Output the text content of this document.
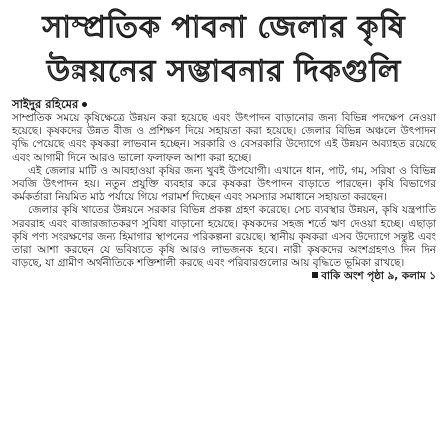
সাম্প্রতিক পাবনা জেলার কৃষি
উন্নয়নের সম্ভাবনার দিকগুলি
সাইদুর রহিমের

সাম্প্রতিক সময়ে কৃষিক্ষেত্রে উন্নয়ন করা হয়েছে এবং উৎপাদন বাড়ানোর জন্য বিভিন্ন পদক্ষেপ নেওয়া হয়েছে। কৃষকদের উন্নত বীজ ও প্রশিক্ষণ দিয়ে সহায়তা করা হয়েছে। জেলার বিভিন্ন অঞ্চলে উৎপাদন বৃদ্ধি পেয়েছে এবং কৃষকরা লাভবান হচ্ছেন। সরকারি ও বেসরকারি উদ্যোগে এই উন্নয়ন অব্যাহত রয়েছে এবং আগামী দিনে আরও ভালো ফলাফল আশা করা হচ্ছে।

এই জেলার মাটি ও আবহাওয়া কৃষির জন্য খুবই উপযোগী। এখানে ধান, পাট, গম, সরিষা ও বিভিন্ন সবজি উৎপাদন হয়। নতুন প্রযুক্তি ব্যবহার করে কৃষকরা উৎপাদন বাড়াতে পারছেন। কৃষি বিভাগের কর্মকর্তারা নিয়মিত মাঠ পর্যায়ে গিয়ে পরামর্শ দিচ্ছেন এবং সমস্যার সমাধানে সহায়তা করছেন।

জেলার কৃষি খাতের উন্নয়নে সরকার বিভিন্ন প্রকল্প গ্রহণ করেছে। সেচ ব্যবস্থার উন্নয়ন, কৃষি যন্ত্রপাতি সরবরাহ এবং বাজারজাতকরণ সুবিধা বাড়ানো হয়েছে। কৃষকদের সহজ শর্তে ঋণ দেওয়া হচ্ছে। এছাড়া কৃষি পণ্য সংরক্ষণের জন্য হিমাগার স্থাপনের পরিকল্পনা রয়েছে। স্থানীয় কৃষকরা এসব উদ্যোগে সন্তুষ্ট এবং তারা আশা করছেন যে ভবিষ্যতে কৃষি আরও লাভজনক হবে। নারী কৃষকদের অংশগ্রহণও দিন দিন বাড়ছে, যা গ্রামীণ অর্থনীতিকে শক্তিশালী করছে এবং পরিবারগুলোর আয় বৃদ্ধিতে ভূমিকা রাখছে।

বাকি অংশ পৃষ্ঠা ৯, কলাম ১
